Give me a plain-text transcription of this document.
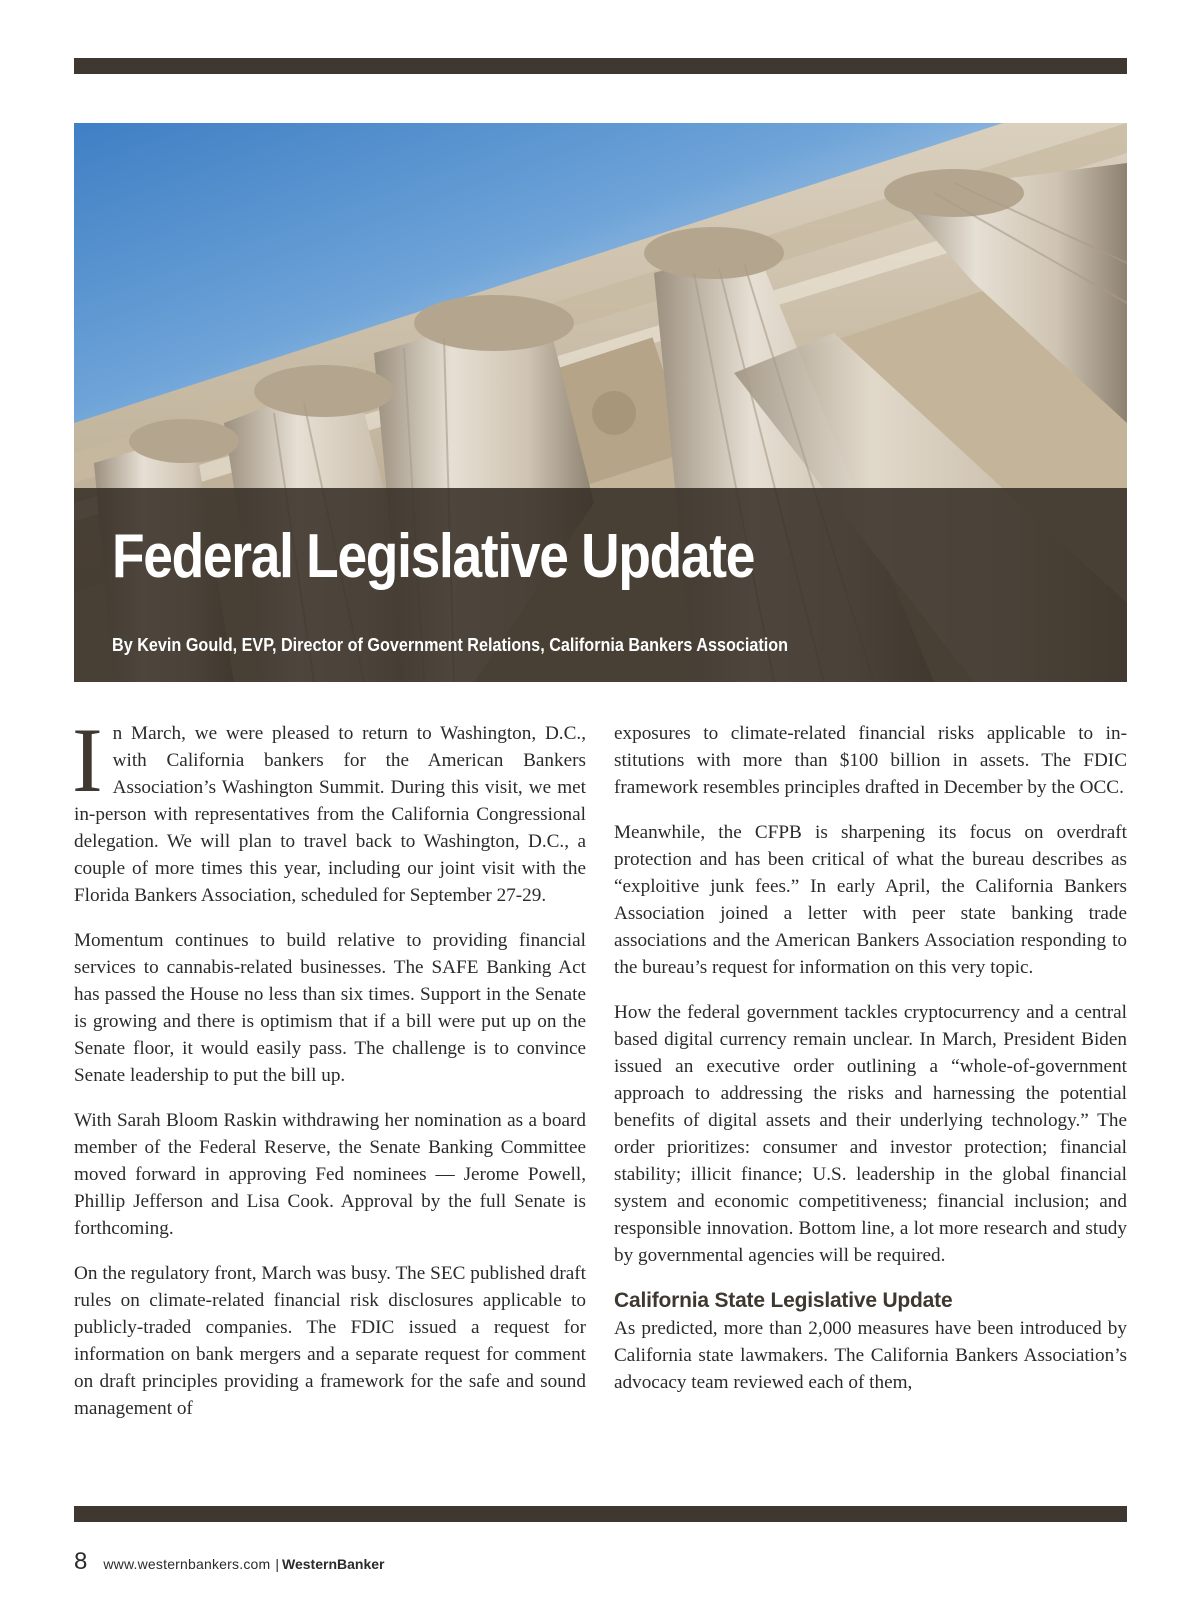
Federal Legislative Update

By Kevin Gould, EVP, Director of Government Relations, California Bankers Association

In March, we were pleased to return to Washington, D.C., with California bankers for the American Bankers Association’s Washington Summit. During this visit, we met in-person with representatives from the California Congressional delegation. We will plan to travel back to Washington, D.C., a couple of more times this year, including our joint visit with the Florida Bankers Association, scheduled for September 27-29.

Momentum continues to build relative to providing financial services to cannabis-related businesses. The SAFE Banking Act has passed the House no less than six times. Support in the Senate is growing and there is optimism that if a bill were put up on the Senate floor, it would easily pass. The challenge is to convince Senate leadership to put the bill up.

With Sarah Bloom Raskin withdrawing her nomination as a board member of the Federal Reserve, the Senate Banking Committee moved forward in approving Fed nominees — Jerome Powell, Phillip Jefferson and Lisa Cook. Approval by the full Senate is forthcoming.

On the regulatory front, March was busy. The SEC published draft rules on climate-related financial risk disclosures applicable to publicly-traded companies. The FDIC issued a request for information on bank mergers and a separate request for comment on draft principles providing a framework for the safe and sound management of

exposures to climate-related financial risks applicable to institutions with more than $100 billion in assets. The FDIC framework resembles principles drafted in December by the OCC.

Meanwhile, the CFPB is sharpening its focus on overdraft protection and has been critical of what the bureau describes as “exploitive junk fees.” In early April, the California Bankers Association joined a letter with peer state banking trade associations and the American Bankers Association responding to the bureau’s request for information on this very topic.

How the federal government tackles cryptocurrency and a central based digital currency remain unclear. In March, President Biden issued an executive order outlining a “whole-of-government approach to addressing the risks and harnessing the potential benefits of digital assets and their underlying technology.” The order prioritizes: consumer and investor protection; financial stability; illicit finance; U.S. leadership in the global financial system and economic competitiveness; financial inclusion; and responsible innovation. Bottom line, a lot more research and study by governmental agencies will be required.

California State Legislative Update

As predicted, more than 2,000 measures have been introduced by California state lawmakers. The California Bankers Association’s advocacy team reviewed each of them,

8 www.westernbankers.com | WesternBanker
